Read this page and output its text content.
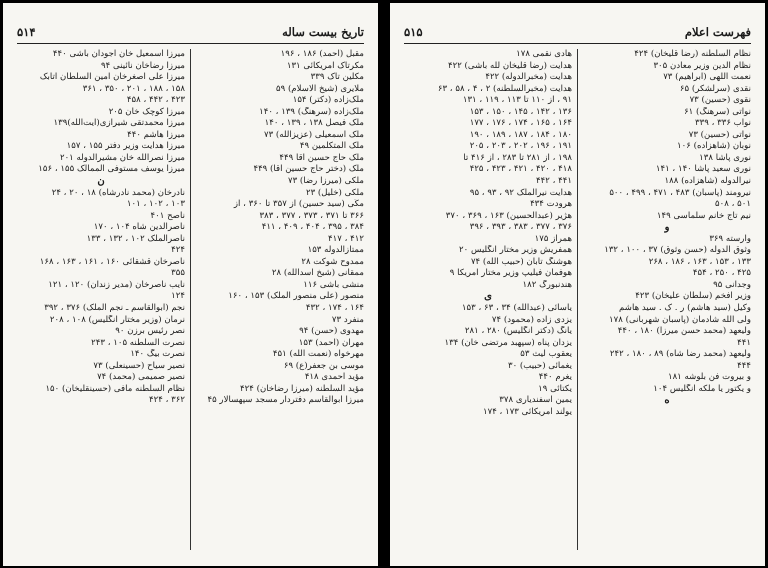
تاریخ بیست ساله
۵۱۴
مقبل (احمد) ۱۸۶ ، ۱۹۶
مکرتاک امریکائی ۱۳۱
مکلین تاک ۳۳۹
ملایری (شیخ الاسلام) ۵۹
ملک‌زاده (دکتر) ۱۵۴
ملک‌زاده (سرهنگ) ۱۳۹ ، ۱۴۰
ملک فیصل ۱۳۸ ، ۱۳۹ ، ۱۴۰
ملک اسمعیلی (عزیزالله) ۷۳
ملک المتکلمین ۴۹
ملک حاج حسین آقا ۴۴۹
ملک (دختر حاج حسین آقا) ۴۴۹
ملکی (میرزا رضا) ۷۳
ملکی (خلیل) ۲۳
مکّی (سید حسین) از ۳۵۷ تا ۳۶۰ ، از
۳۶۶ تا ۳۷۱ ، ۳۷۳ ، ۳۷۷ ، ۳۸۳
۳۸۴ ، ۳۹۵ ، ۴۰۴ ، ۴۰۹ ، ۴۱۱
۴۱۲ ، ۴۱۷
ممتازالدوله ۱۵۳
ممدوح شوکت ۲۸
ممقانی (شیخ اسدالله) ۲۸
منشی باشی ۱۱۶
منصور (علی منصور الملک) ۱۵۳ ، ۱۶۰
۱۶۴ ، ۱۷۴ ، ۴۳۲
منفرد ۷۳
مهدوی (حسن) ۹۴
مهران (احمد) ۱۵۳
مهرخواه (نعمت الله) ۴۵۱
موسی بن جعفر(ع) ۶۹
مؤید احمدی ۴۱۸
مؤید السلطنه (میرزا رضاخان) ۴۲۴
میرزا ابوالقاسم دفتردار مسجد سپهسالار ۴۵
میرزا اسمعیل خان اجودان باشی ۴۴۰
میرزا رضاخان نائینی ۹۴
میرزا علی اصغرخان امین السلطان اتابک
۱۵۸ ، ۱۸۸ ، ۲۰۱ ، ۳۵۰ ، ۳۶۱
۴۲۳ ، ۴۴۲ ، ۴۵۸
میرزا کوچک خان ۲۰۵
میرزا محمدتقی شیرازی(آیت‌الله)۱۳۹
میرزا هاشم ۴۴۰
میرزا هدایت وزیر دفتر ۱۵۵ ، ۱۵۷
میرزا نصرالله خان مشیرالدوله ۲۰۱
میرزا یوسف مستوفی الممالک ۱۵۵ ، ۱۵۶
ن
نادرخان (محمد نادرشاه) ۱۸ ، ۲۰ ، ۲۴
۱۰۳ ، ۱۰۲ ، ۱۰۱
ناصح ۴۰۱
ناصرالدین شاه ۱۰۴ ، ۱۷۰
ناصرالملک ۱۰۲ ، ۱۳۲ ، ۱۳۳
۴۲۴
ناصرخان قشقائی ۱۶۰ ، ۱۶۱ ، ۱۶۳ ، ۱۶۸
۳۵۵
نایب ناصرخان (مدیر زندان) ۱۲۰ ، ۱۲۱
۱۲۴
نجم (ابوالقاسم ـ نجم الملک) ۳۷۶ ، ۳۹۲
نرمان (وزیر مختار انگلیس) ۱۰۸ ، ۲۰۸
نصر رئیس برزن ۹۰
نصرت السلطنه ۱۰۵ ، ۲۴۳
نصرت بیگ ۱۴۰
نصیر سیاح (حسینعلی) ۷۳
نصیر صمیمی (محمد) ۷۴
نظام السلطنه مافی (حسینقلیخان) ۱۵۰
۳۶۲ ، ۴۲۴
فهرست اعلام
۵۱۵
نظام السلطنه (رضا قلیخان) ۴۲۴
نظام الدین وزیر معادن ۳۰۵
نعمت اللهی (ابراهیم) ۷۳
نقدی (سرلشکر) ۶۵
نقوی (حسین) ۷۳
نواتی (سرهنگ) ۶۱
نواب ۳۳۶ ، ۳۳۹
نواتی (حسین) ۷۳
نوبان (شاهزاده) ۱۰۶
نوری پاشا ۱۳۸
نوری سعید پاشا ۱۴۰ ، ۱۴۱
نیرالدوله (شاهزاده) ۱۸۸
نیرومند (پاسبان) ۴۸۳ ، ۴۷۱ ، ۴۹۹ ، ۵۰۰
۵۰۱ ، ۵۰۸
نیم تاج خانم سلماسی ۱۴۹
و
وارسته ۳۶۹
وثوق الدوله (حسن وثوق) ۳۷ ، ۱۰۰ ، ۱۳۲
۱۳۳ ، ۱۵۳ ، ۱۶۳ ، ۱۸۶ ، ۲۶۸
۴۲۵ ، ۲۵۰ ، ۴۵۴
وجدانی ۹۵
وزیر افخم (سلطان علیخان) ۴۲۳
وکیل (سید هاشم) ر . ک . سید هاشم
ولی الله شادمان (پاسبان شهربانی) ۱۷۸
ولیعهد (محمد حسن میرزا) ۱۸۰ ، ۴۴۰
۴۴۱
ولیعهد (محمد رضا شاه) ۸۹ ، ۱۸۰ ، ۲۴۲
۴۴۴
و بیروت فن بلوشه ۱۸۱
و یکتور یا ملکه انگلیس ۱۰۴
ه
هادی نقمی ۱۷۸
هدایت (رضا قلیخان لله باشی) ۴۲۲
هدایت (مخبرالدوله) ۴۲۲
هدایت (مخبرالسلطنه) ۲ ، ۴ ، ۵۸ ، ۶۳
۹۱ ، از ۱۱۰ تا ۱۱۳ ، ۱۱۹ ، ۱۳۱
۱۳۶ ، ۱۴۲ ، ۱۴۵ ، ۱۵۰ ، ۱۵۳
۱۶۴ ، ۱۶۵ ، ۱۷۴ ، ۱۷۶ ، ۱۷۷
۱۸۰ ، ۱۸۴ ، ۱۸۷ ، ۱۸۹ ، ۱۹۰
۱۹۱ ، ۱۹۶ ، ۲۰۲ ، ۲۰۳ ، ۲۰۵
۱۹۸ ، از ۲۸۱ تا ۲۸۳ ، از ۴۱۶ تا
۴۱۸ ، ۴۲۰ ، ۴۲۱ ، ۴۲۳ ، ۴۲۵
۴۴۱ ، ۴۴۲
هدایت نیرالملک ۹۲ ، ۹۳ ، ۹۵
هرودت ۴۳۴
هژیر (عبدالحسین) ۱۶۳ ، ۳۶۹ ، ۳۷۰
۳۷۶ ، ۳۷۷ ، ۳۸۳ ، ۳۹۳ ، ۳۹۶
همراز ۱۷۵
همفریش وزیر مختار انگلیس ۲۰
هوشنگ تابان (حبیب الله) ۷۴
هوفمان فیلیپ وزیر مختار امریکا ۹
هندنبورگ ۱۸۲
ی
یاسائی (عبدالله) ۳۴ ، ۶۳ ، ۱۵۳
یزدی زاده (محمود) ۷۴
یانگ (دکتر انگلیس) ۲۸۰ ، ۲۸۱
یزدان پناه (سپهبد مرتضی خان) ۱۳۴
یعقوب لیث ۵۳
یغمائی (حبیب) ۳۰
یغرم ۴۴۰
یکتائی ۱۹
یمین اسفندیاری ۳۷۸
یولند امریکائی ۱۷۳ ، ۱۷۴
